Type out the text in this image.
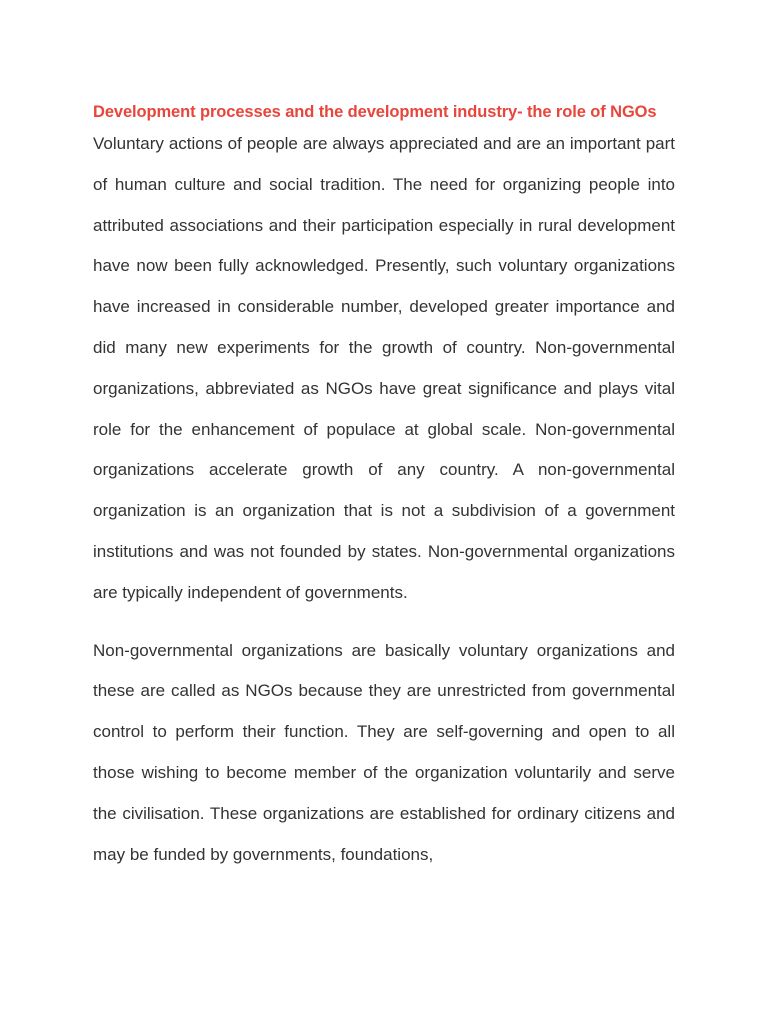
Development processes and the development industry- the role of NGOs

Voluntary actions of people are always appreciated and are an important part of human culture and social tradition. The need for organizing people into attributed associations and their participation especially in rural development have now been fully acknowledged. Presently, such voluntary organizations have increased in considerable number, developed greater importance and did many new experiments for the growth of country. Non-governmental organizations, abbreviated as NGOs have great significance and plays vital role for the enhancement of populace at global scale. Non-governmental organizations accelerate growth of any country. A non-governmental organization is an organization that is not a subdivision of a government institutions and was not founded by states. Non-governmental organizations are typically independent of governments.

Non-governmental organizations are basically voluntary organizations and these are called as NGOs because they are unrestricted from governmental control to perform their function. They are self-governing and open to all those wishing to become member of the organization voluntarily and serve the civilisation. These organizations are established for ordinary citizens and may be funded by governments, foundations,
